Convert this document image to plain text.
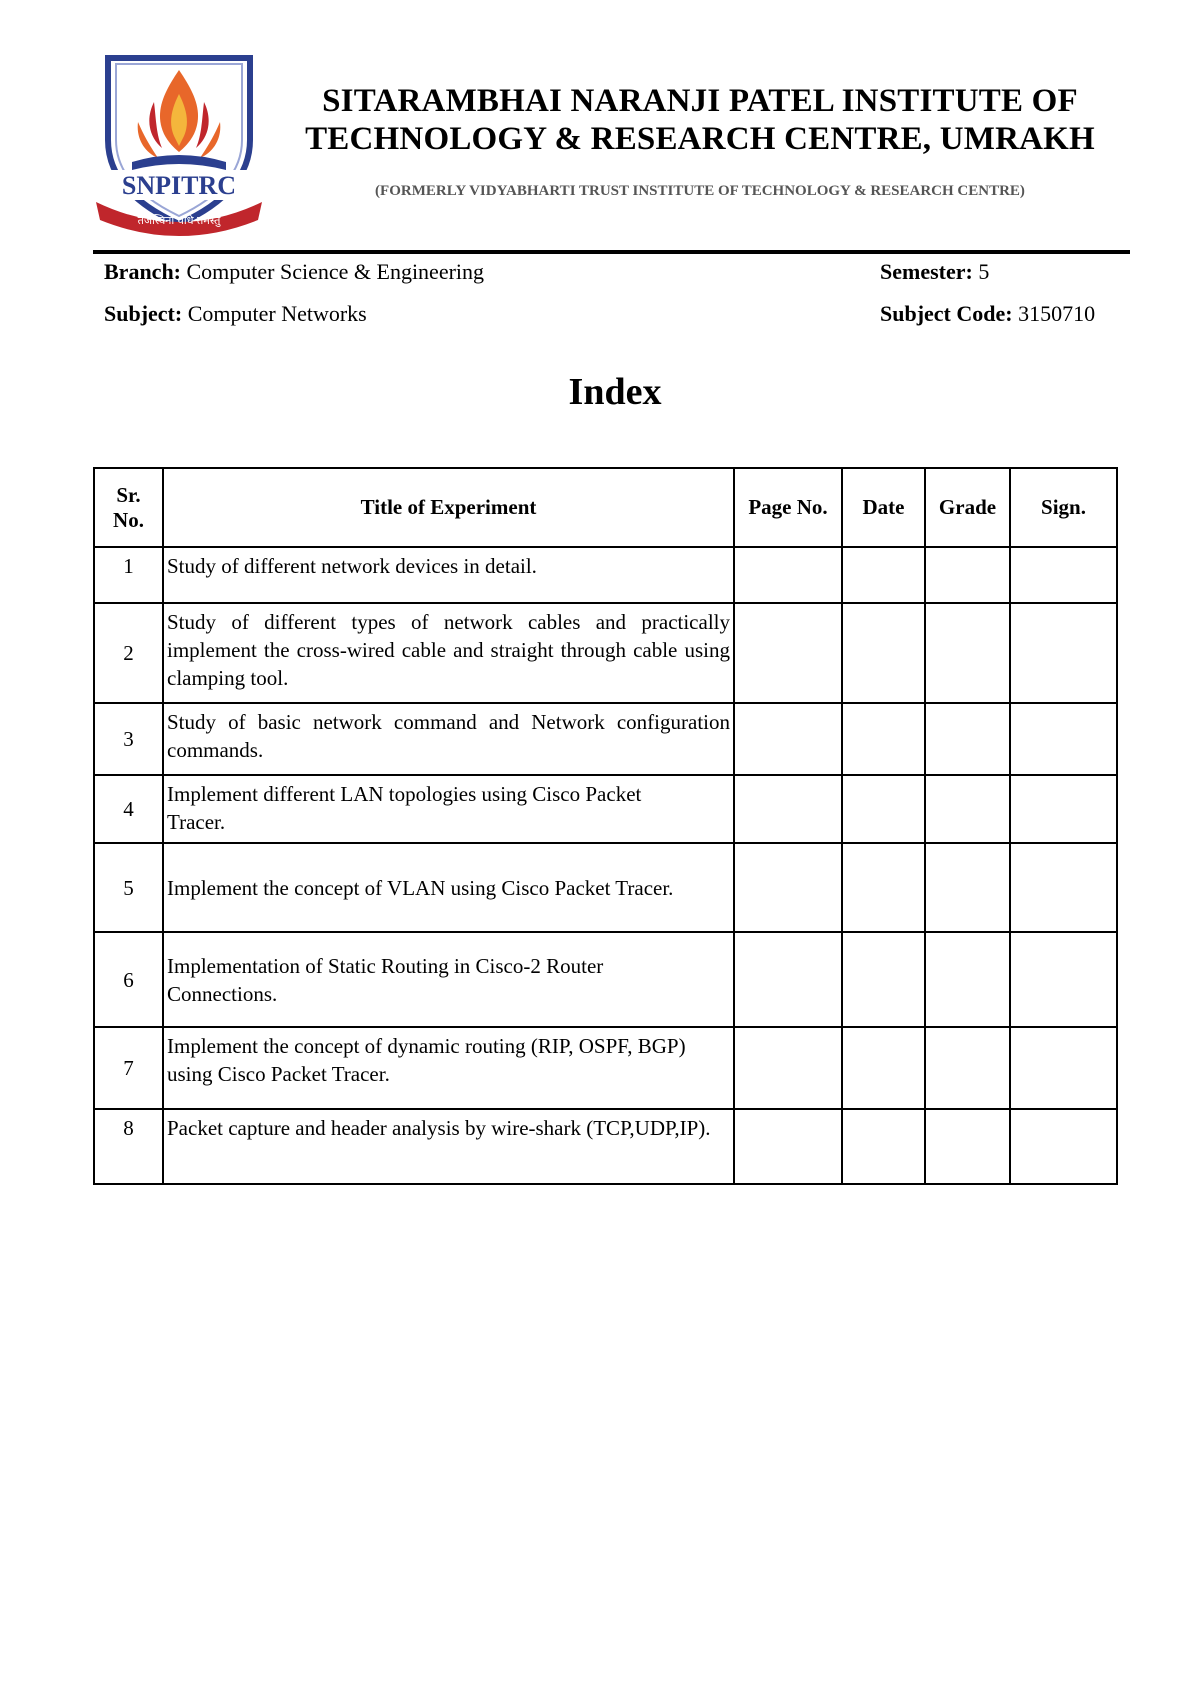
SNPITRC
तेजस्विना वधि तमस्तु
SITARAMBHAI NARANJI PATEL INSTITUTE OF TECHNOLOGY & RESEARCH CENTRE, UMRAKH
(FORMERLY VIDYABHARTI TRUST INSTITUTE OF TECHNOLOGY & RESEARCH CENTRE)
Branch: Computer Science & Engineering	Semester: 5
Subject: Computer Networks	Subject Code: 3150710
Index
Sr. No.	Title of Experiment	Page No.	Date	Grade	Sign.
1	Study of different network devices in detail.				
2	Study of different types of network cables and practically implement the cross-wired cable and straight through cable using clamping tool.				
3	Study of basic network command and Network configuration commands.				
4	Implement different LAN topologies using Cisco Packet Tracer.				
5	Implement the concept of VLAN using Cisco Packet Tracer.				
6	Implementation of Static Routing in Cisco-2 Router Connections.				
7	Implement the concept of dynamic routing (RIP, OSPF, BGP) using Cisco Packet Tracer.				
8	Packet capture and header analysis by wire-shark (TCP,UDP,IP).				
